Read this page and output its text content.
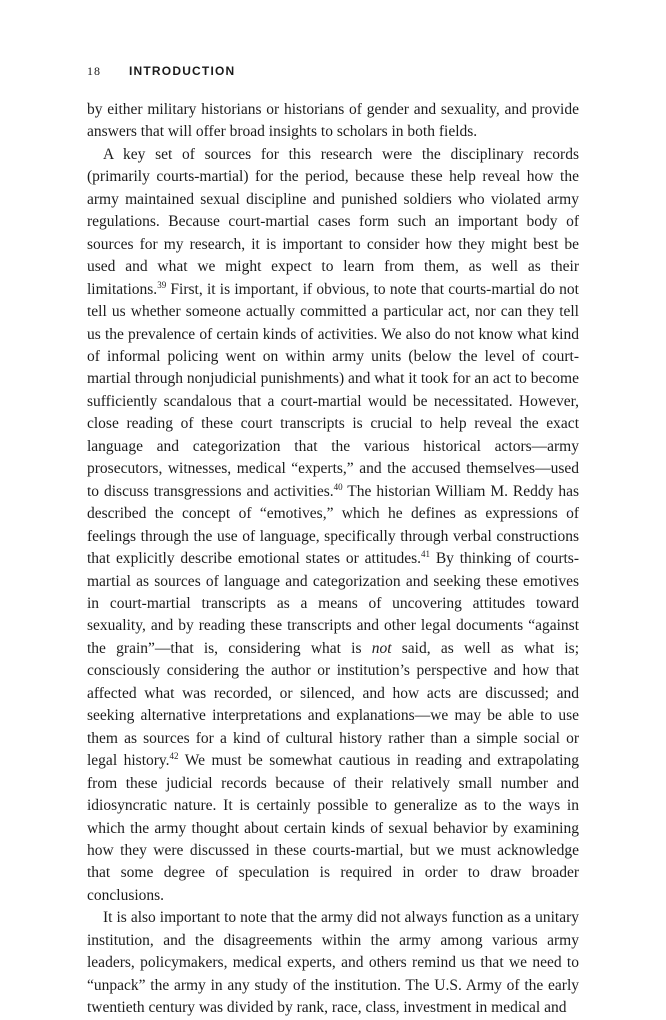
18	INTRODUCTION

by either military historians or historians of gender and sexuality, and provide answers that will offer broad insights to scholars in both fields.

A key set of sources for this research were the disciplinary records (primarily courts-martial) for the period, because these help reveal how the army maintained sexual discipline and punished soldiers who violated army regulations. Because court-martial cases form such an important body of sources for my research, it is important to consider how they might best be used and what we might expect to learn from them, as well as their limitations.$^{39}$ First, it is important, if obvious, to note that courts-martial do not tell us whether someone actually committed a particular act, nor can they tell us the prevalence of certain kinds of activities. We also do not know what kind of informal policing went on within army units (below the level of court-martial through nonjudicial punishments) and what it took for an act to become sufficiently scandalous that a court-martial would be necessitated. However, close reading of these court transcripts is crucial to help reveal the exact language and categorization that the various historical actors—army prosecutors, witnesses, medical “experts,” and the accused themselves—used to discuss transgressions and activities.$^{40}$ The historian William M. Reddy has described the concept of “emotives,” which he defines as expressions of feelings through the use of language, specifically through verbal constructions that explicitly describe emotional states or attitudes.$^{41}$ By thinking of courts-martial as sources of language and categorization and seeking these emotives in court-martial transcripts as a means of uncovering attitudes toward sexuality, and by reading these transcripts and other legal documents “against the grain”—that is, considering what is not said, as well as what is; consciously considering the author or institution’s perspective and how that affected what was recorded, or silenced, and how acts are discussed; and seeking alternative interpretations and explanations—we may be able to use them as sources for a kind of cultural history rather than a simple social or legal history.$^{42}$ We must be somewhat cautious in reading and extrapolating from these judicial records because of their relatively small number and idiosyncratic nature. It is certainly possible to generalize as to the ways in which the army thought about certain kinds of sexual behavior by examining how they were discussed in these courts-martial, but we must acknowledge that some degree of speculation is required in order to draw broader conclusions.

It is also important to note that the army did not always function as a unitary institution, and the disagreements within the army among various army leaders, policymakers, medical experts, and others remind us that we need to “unpack” the army in any study of the institution. The U.S. Army of the early twentieth century was divided by rank, race, class, investment in medical and
